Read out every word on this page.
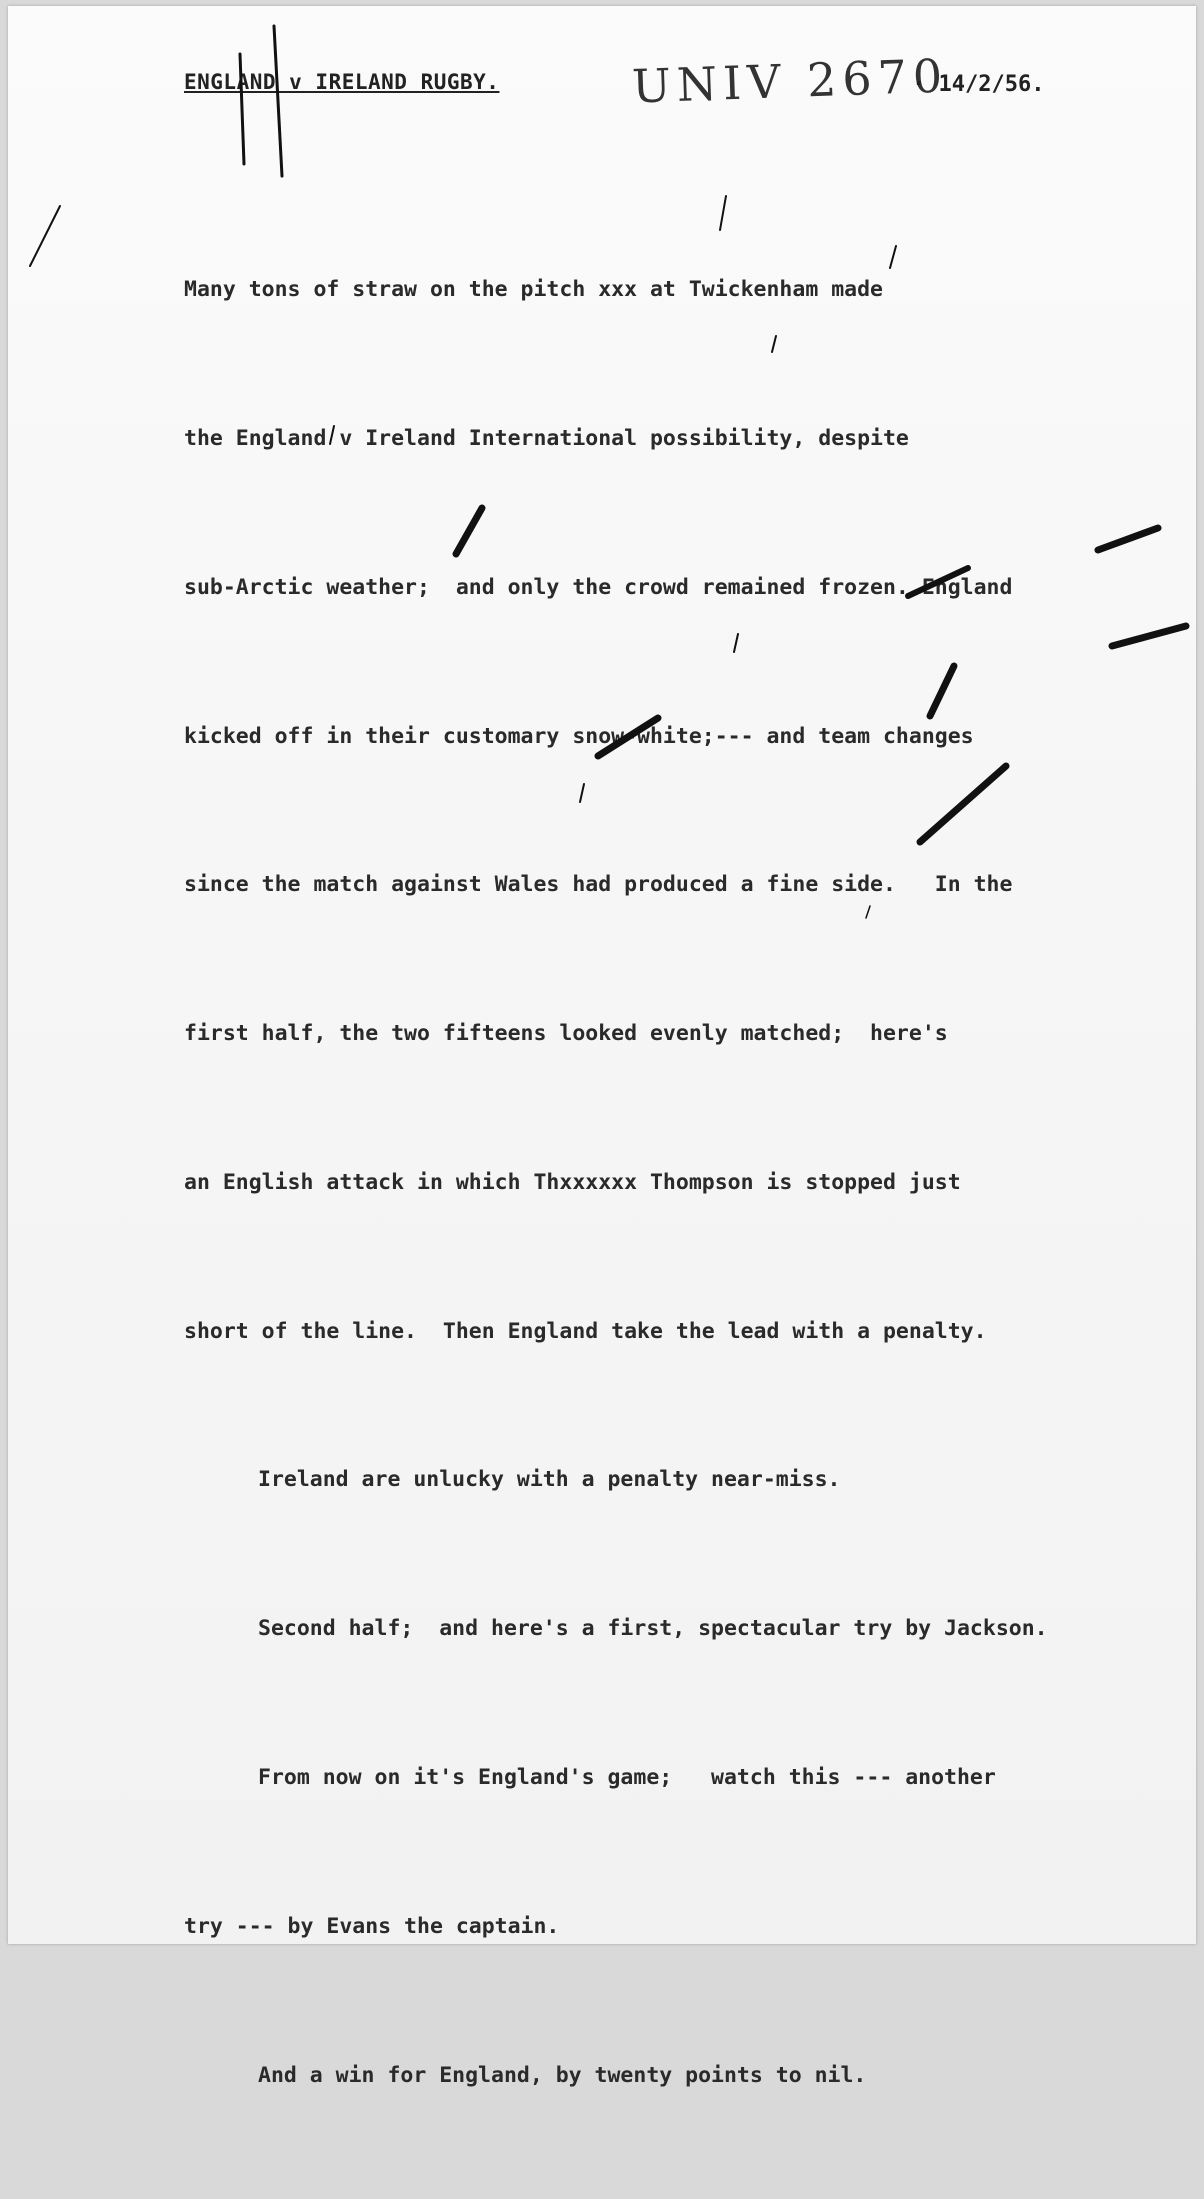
ENGLAND v IRELAND RUGBY.	UNIV 2670
· 14/2/56.

Many tons of straw on the pitch xxx at Twickenham made

the England v Ireland International possibility, despite

sub-Arctic weather;  and only the crowd remained frozen. England

kicked off in their customary snow-white;--- and team changes

since the match against Wales had produced a fine side.   In the

first half, the two fifteens looked evenly matched;  here's

an English attack in which Thxxxxxx Thompson is stopped just

short of the line.  Then England take the lead with a penalty.

Ireland are unlucky with a penalty near-miss.

Second half;  and here's a first, spectacular try by Jackson.

From now on it's England's game;   watch this --- another

try --- by Evans the captain.

And a win for England, by twenty points to nil.
